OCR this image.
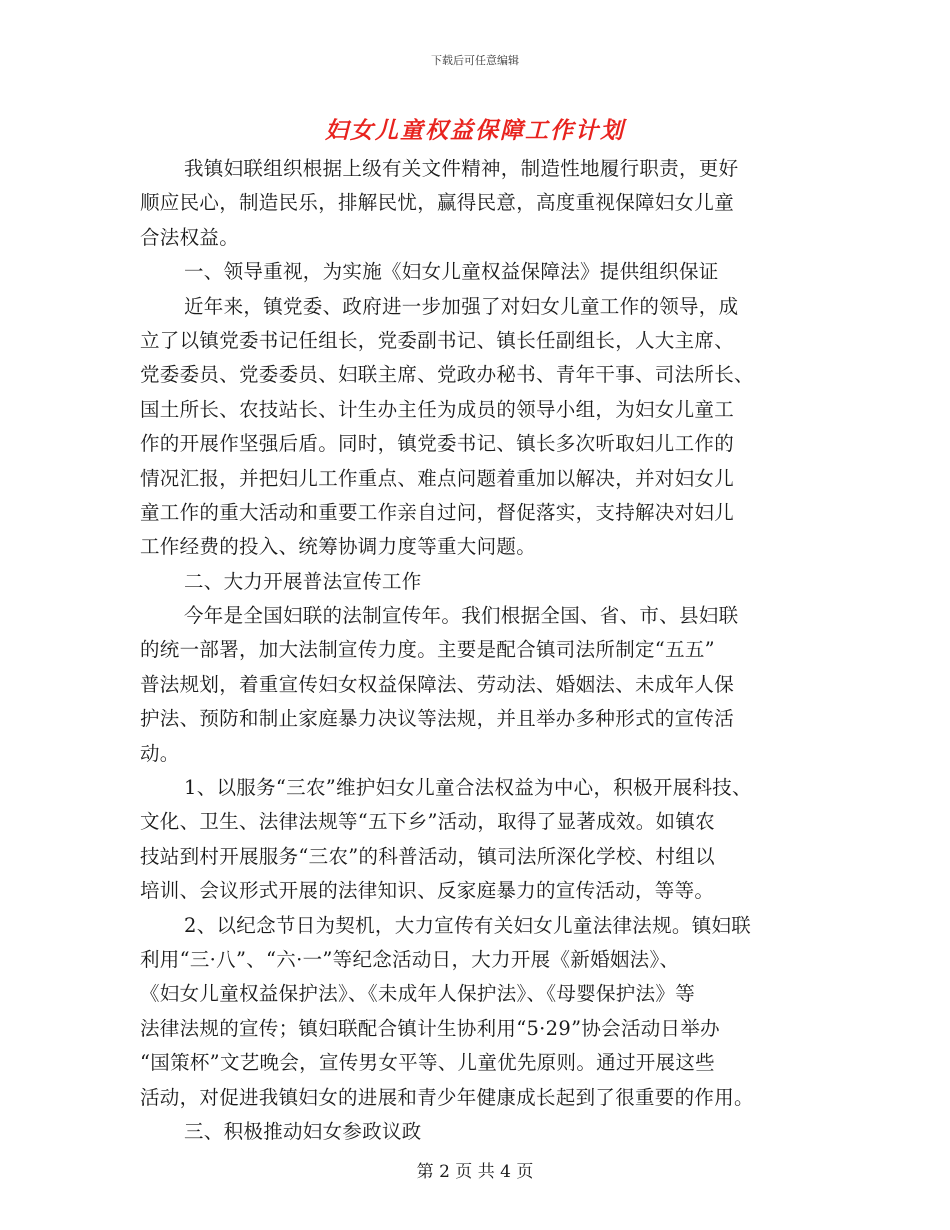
下载后可任意编辑
妇女儿童权益保障工作计划
我镇妇联组织根据上级有关文件精神，制造性地履行职责，更好
顺应民心，制造民乐，排解民忧，赢得民意，高度重视保障妇女儿童
合法权益。
一、领导重视，为实施《妇女儿童权益保障法》提供组织保证
近年来，镇党委、政府进一步加强了对妇女儿童工作的领导，成
立了以镇党委书记任组长，党委副书记、镇长任副组长，人大主席、
党委委员、党委委员、妇联主席、党政办秘书、青年干事、司法所长、
国土所长、农技站长、计生办主任为成员的领导小组，为妇女儿童工
作的开展作坚强后盾。同时，镇党委书记、镇长多次听取妇儿工作的
情况汇报，并把妇儿工作重点、难点问题着重加以解决，并对妇女儿
童工作的重大活动和重要工作亲自过问，督促落实，支持解决对妇儿
工作经费的投入、统筹协调力度等重大问题。
二、大力开展普法宣传工作
今年是全国妇联的法制宣传年。我们根据全国、省、市、县妇联
的统一部署，加大法制宣传力度。主要是配合镇司法所制定“五五”
普法规划，着重宣传妇女权益保障法、劳动法、婚姻法、未成年人保
护法、预防和制止家庭暴力决议等法规，并且举办多种形式的宣传活
动。
1、以服务“三农”维护妇女儿童合法权益为中心，积极开展科技、
文化、卫生、法律法规等“五下乡”活动，取得了显著成效。如镇农
技站到村开展服务“三农”的科普活动，镇司法所深化学校、村组以
培训、会议形式开展的法律知识、反家庭暴力的宣传活动，等等。
2、以纪念节日为契机，大力宣传有关妇女儿童法律法规。镇妇联
利用“三·八”、“六·一”等纪念活动日，大力开展《新婚姻法》、
《妇女儿童权益保护法》、《未成年人保护法》、《母婴保护法》等
法律法规的宣传；镇妇联配合镇计生协利用“5·29”协会活动日举办
“国策杯”文艺晚会，宣传男女平等、儿童优先原则。通过开展这些
活动，对促进我镇妇女的进展和青少年健康成长起到了很重要的作用。
三、积极推动妇女参政议政
第 2 页 共 4 页
